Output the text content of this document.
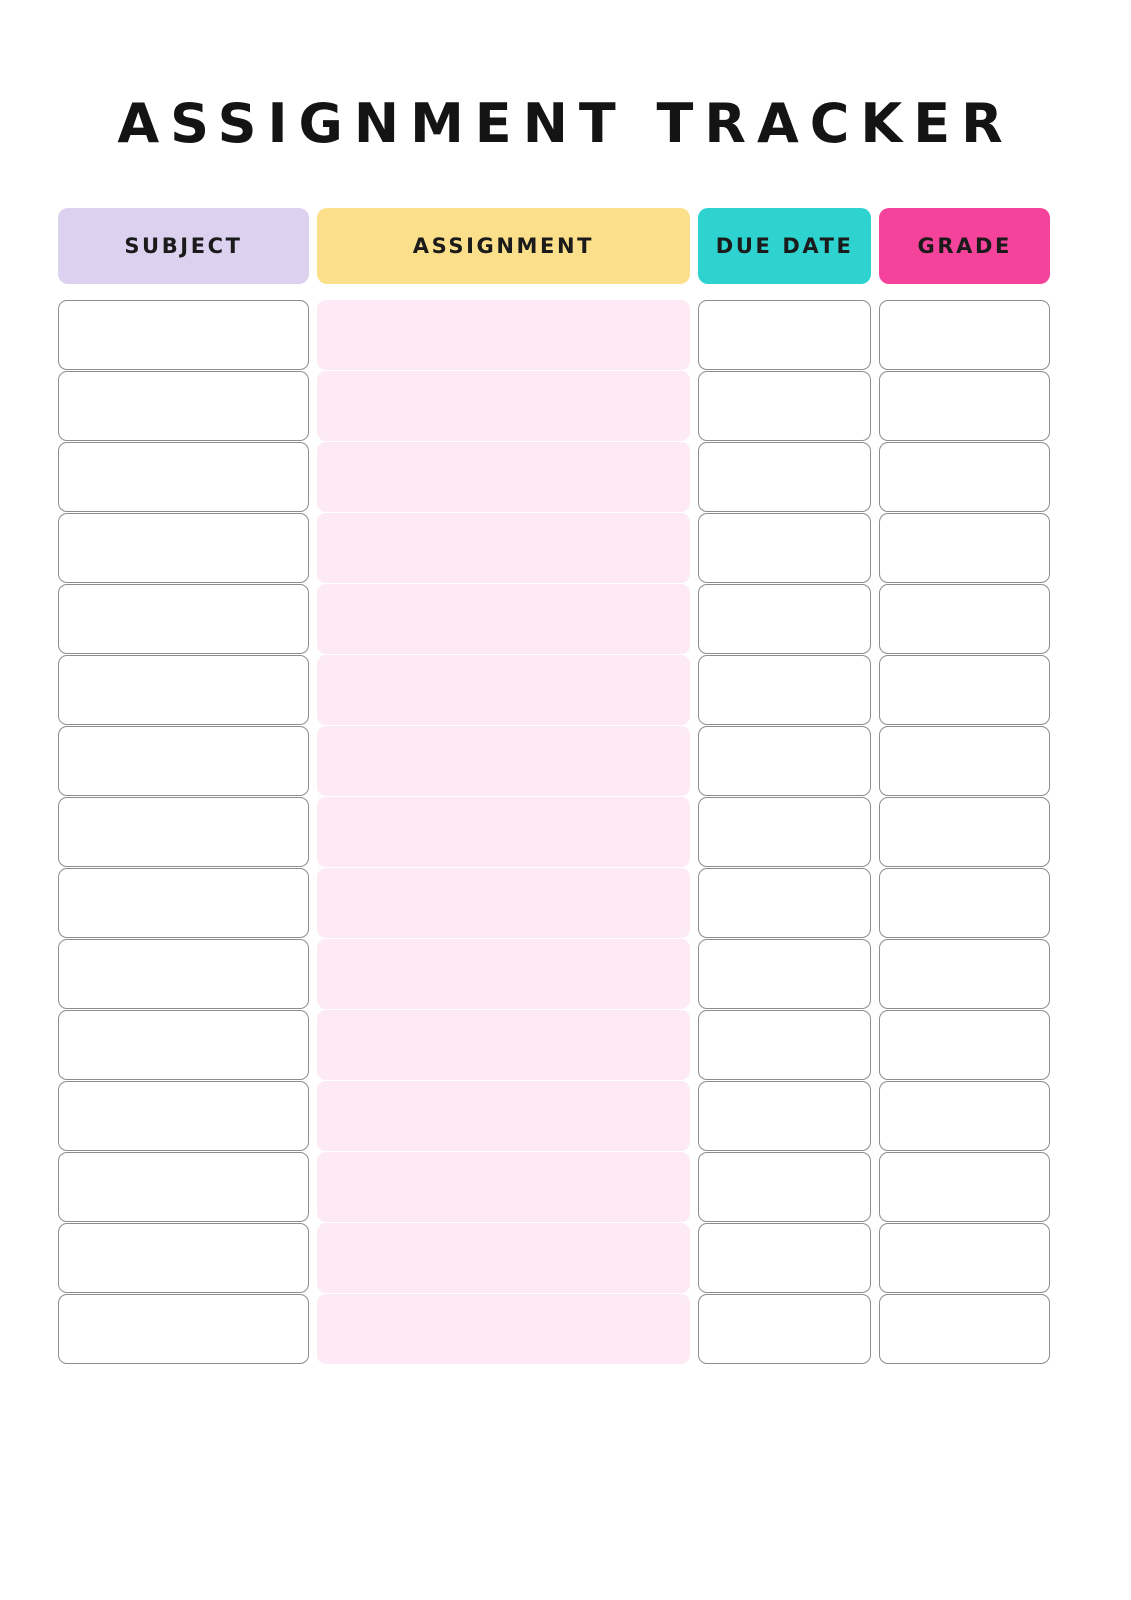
ASSIGNMENT TRACKER
SUBJECT	ASSIGNMENT	DUE DATE	GRADE
